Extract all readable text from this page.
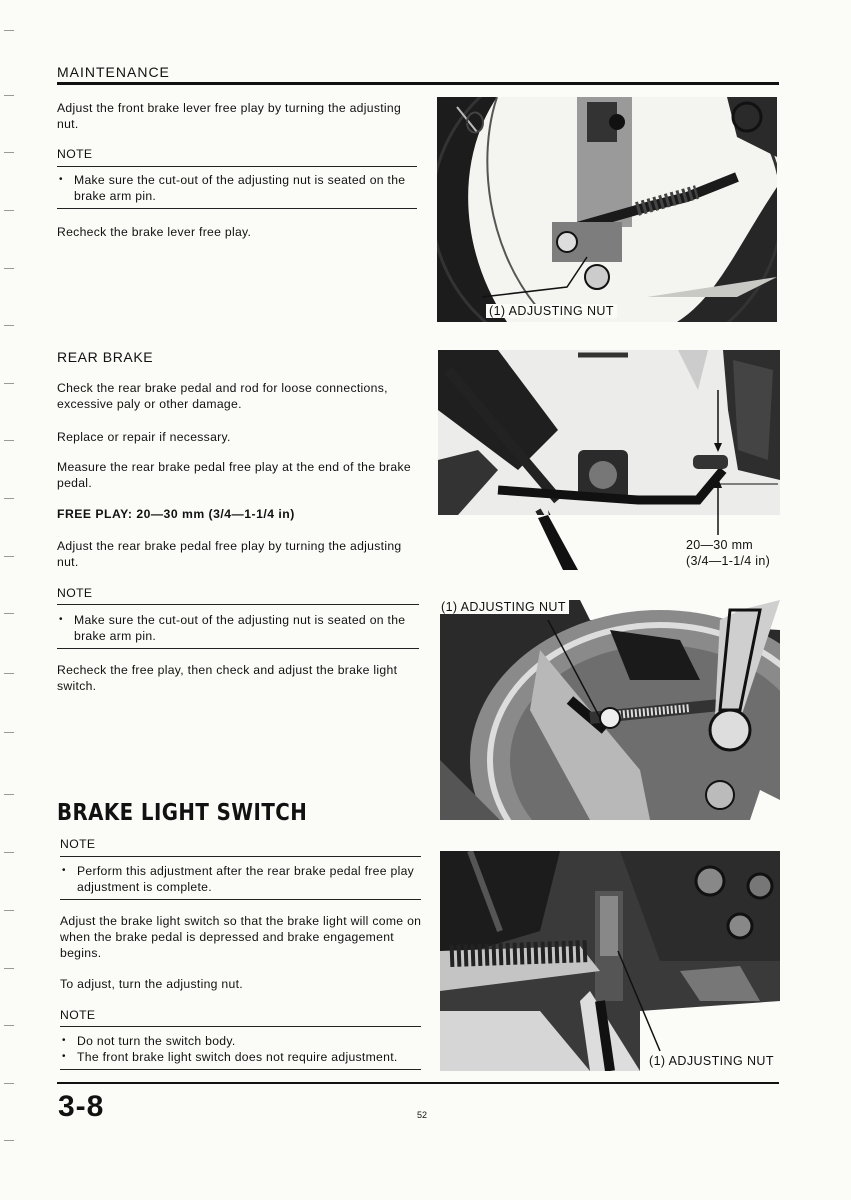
MAINTENANCE
Adjust the front brake lever free play by turning the adjusting nut.
NOTE
• Make sure the cut-out of the adjusting nut is seated on the brake arm pin.
Recheck the brake lever free play.
REAR BRAKE
Check the rear brake pedal and rod for loose connections, excessive paly or other damage.
Replace or repair if necessary.
Measure the rear brake pedal free play at the end of the brake pedal.
FREE PLAY: 20—30 mm (3/4—1-1/4 in)
Adjust the rear brake pedal free play by turning the adjusting nut.
NOTE
• Make sure the cut-out of the adjusting nut is seated on the brake arm pin.
Recheck the free play, then check and adjust the brake light switch.
BRAKE LIGHT SWITCH
NOTE
• Perform this adjustment after the rear brake pedal free play adjustment is complete.
Adjust the brake light switch so that the brake light will come on when the brake pedal is depressed and brake engagement begins.
To adjust, turn the adjusting nut.
NOTE
• Do not turn the switch body.
• The front brake light switch does not require adjustment.
(1) ADJUSTING NUT
20—30 mm
(3/4—1-1/4 in)
(1) ADJUSTING NUT
(1) ADJUSTING NUT
3-8	52
